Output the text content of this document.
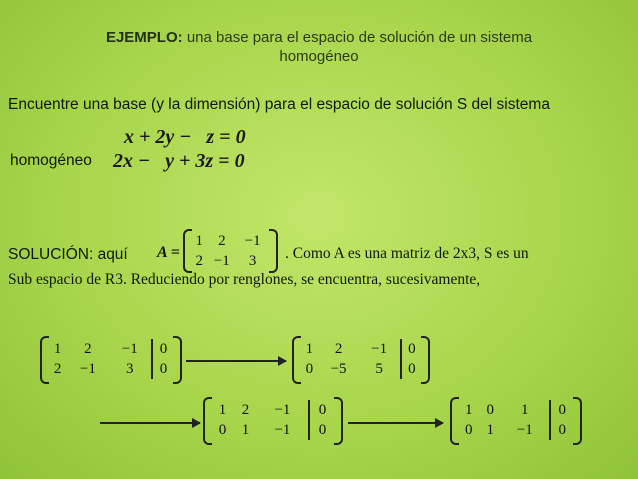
EJEMPLO: una base para el espacio de solución de un sistema
homogéneo
Encuentre una base (y la dimensión) para el espacio de solución S del sistema
homogéneo
x + 2y −   z = 0
2x −   y + 3z = 0
SOLUCIÓN: aquí A =
1	2	−1
2	−1	3 . Como A es una matriz de 2x3, S es un
Sub espacio de R3. Reduciendo por renglones, se encuentra, sucesivamente,
1	2	−1	0
2	−1	3	0
1	2	−1	0
0	−5	5	0
1	2	−1	0
0	1	−1	0
1	0	1	0
0	1	−1	0
